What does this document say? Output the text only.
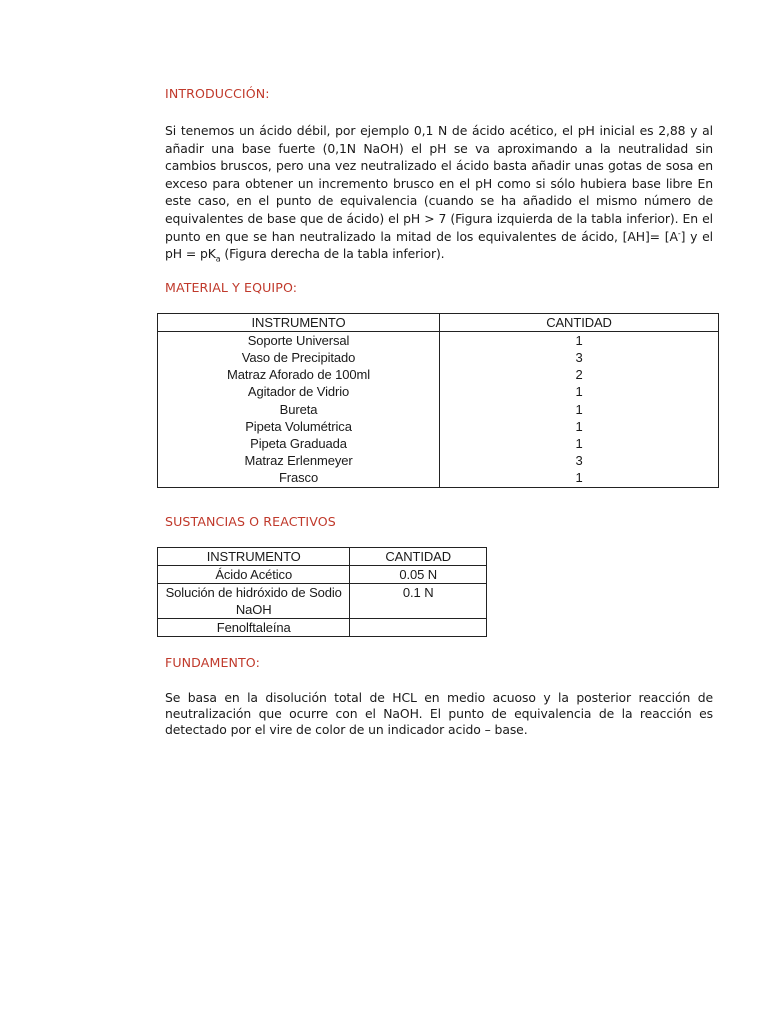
INTRODUCCIÓN:

Si tenemos un ácido débil, por ejemplo 0,1 N de ácido acético, el pH inicial es 2,88 y al añadir una base fuerte (0,1N NaOH) el pH se va aproximando a la neutralidad sin cambios bruscos, pero una vez neutralizado el ácido basta añadir unas gotas de sosa en exceso para obtener un incremento brusco en el pH como si sólo hubiera base libre En este caso, en el punto de equivalencia (cuando se ha añadido el mismo número de equivalentes de base que de ácido) el pH > 7 (Figura izquierda de la tabla inferior). En el punto en que se han neutralizado la mitad de los equivalentes de ácido, [AH]= [A-] y el pH = $pK_a$ (Figura derecha de la tabla inferior).

MATERIAL Y EQUIPO:
INSTRUMENTO	CANTIDAD
Soporte Universal	1
Vaso de Precipitado	3
Matraz Aforado de 100ml	2
Agitador de Vidrio	1
Bureta	1
Pipeta Volumétrica	1
Pipeta Graduada	1
Matraz Erlenmeyer	3
Frasco	1
SUSTANCIAS O REACTIVOS
INSTRUMENTO	CANTIDAD
Ácido Acético	0.05 N
Solución de hidróxido de Sodio NaOH	0.1 N
Fenolftaleína	
FUNDAMENTO:

Se basa en la disolución total de HCL en medio acuoso y la posterior reacción de neutralización que ocurre con el NaOH. El punto de equivalencia de la reacción es detectado por el vire de color de un indicador acido – base.
